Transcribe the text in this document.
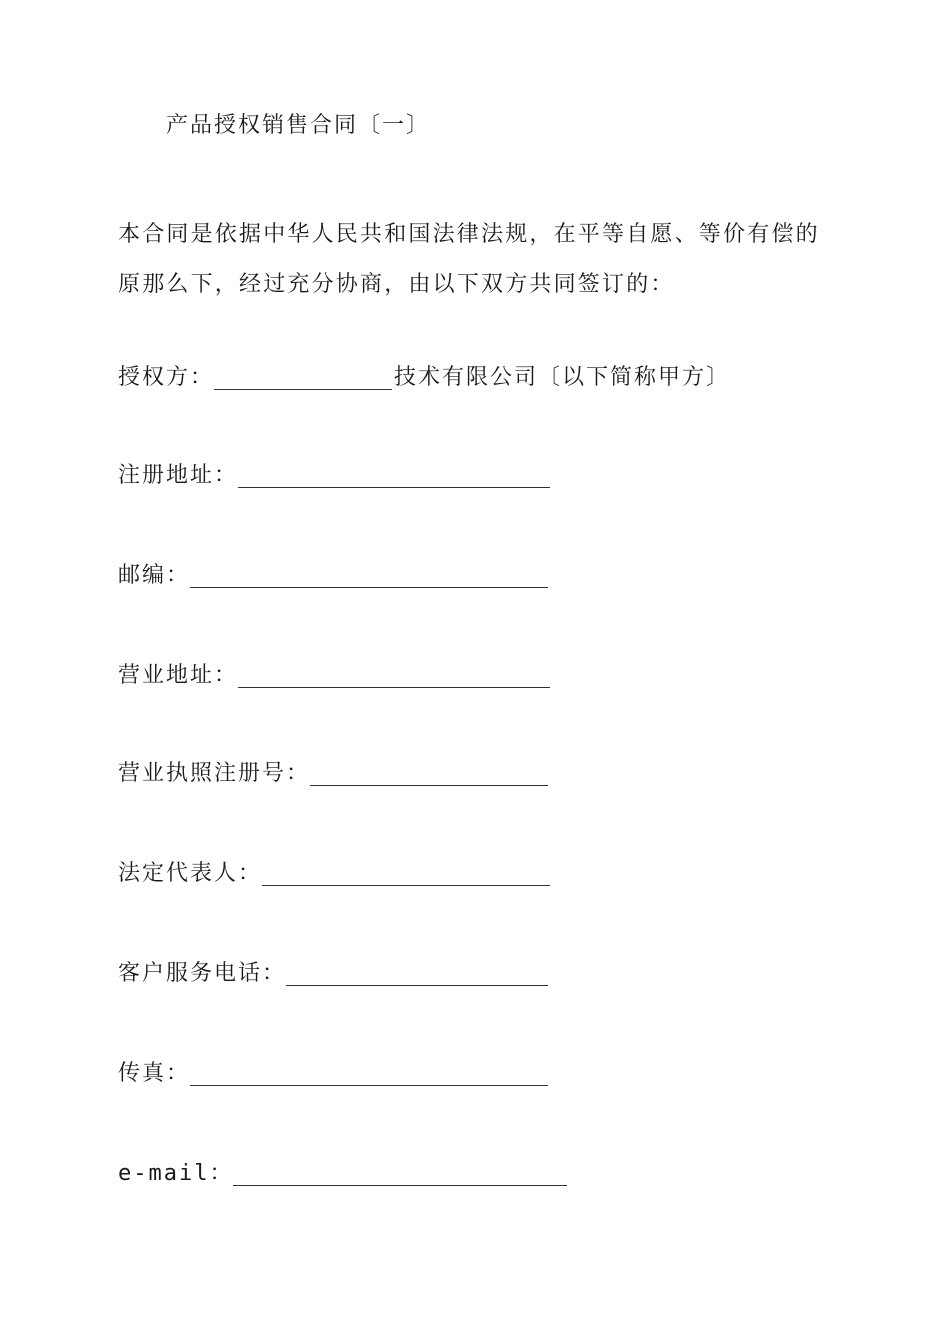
产品授权销售合同〔一〕
本合同是依据中华人民共和国法律法规，在平等自愿、等价有偿的
原那么下，经过充分协商，由以下双方共同签订的：
授权方：	技术有限公司〔以下简称甲方〕
注册地址：
邮编：
营业地址：
营业执照注册号：
法定代表人：
客户服务电话：
传真：
e-mail：
